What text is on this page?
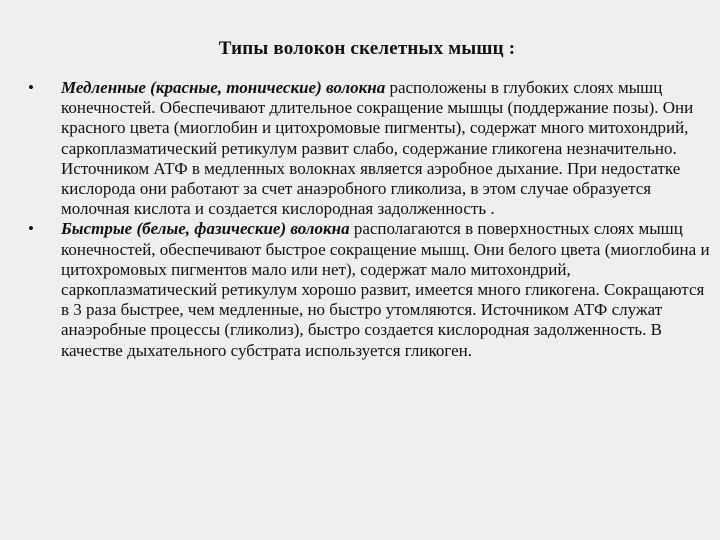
Типы волокон скелетных мышц :
•	Медленные (красные, тонические) волокна расположены в глубоких слоях мышц конечностей. Обеспечивают длительное сокращение мышцы (поддержание позы). Они красного цвета (миоглобин и цитохромовые пигменты), содержат много митохондрий, саркоплазматический ретикулум развит слабо, содержание гликогена незначительно. Источником АТФ в медленных волокнах является аэробное дыхание. При недостатке кислорода они работают за счет анаэробного гликолиза, в этом случае образуется молочная кислота и создается кислородная задолженность .
•	Быстрые (белые, фазические) волокна располагаются в поверхностных слоях мышц конечностей, обеспечивают быстрое сокращение мышц. Они белого цвета (миоглобина и цитохромовых пигментов мало или нет), содержат мало митохондрий, саркоплазматический ретикулум хорошо развит, имеется много гликогена. Сокращаются в 3 раза быстрее, чем медленные, но быстро утомляются. Источником АТФ служат анаэробные процессы (гликолиз), быстро создается кислородная задолженность. В качестве дыхательного субстрата используется гликоген.
